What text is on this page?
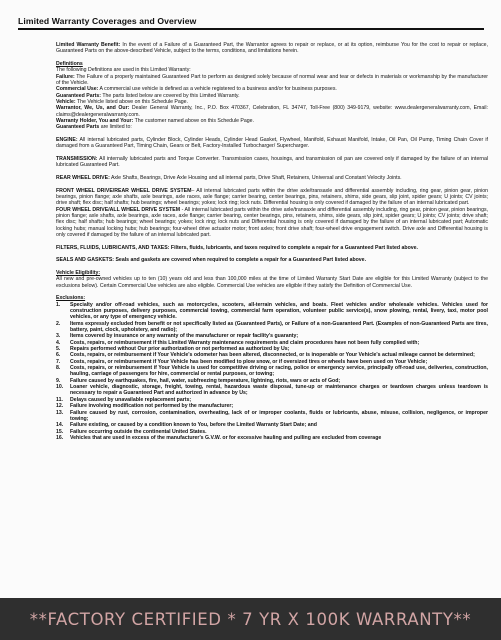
Limited Warranty Coverages and Overview

Limited Warranty Benefit: In the event of a Failure of a Guaranteed Part, the Warrantor agrees to repair or replace, or at its option, reimburse You for the cost to repair or replace, Guaranteed Parts on the above-described Vehicle, subject to the terms, conditions, and limitations herein.

Definitions
The following Definitions are used in this Limited Warranty:
Failure: The Failure of a properly maintained Guaranteed Part to perform as designed solely because of normal wear and tear or defects in materials or workmanship by the manufacturer of the Vehicle.
Commercial Use: A commercial use vehicle is defined as a vehicle registered to a business and/or for business purposes.
Guaranteed Parts: The parts listed below are covered by this Limited Warranty.
Vehicle: The Vehicle listed above on this Schedule Page.
Warrantor, We, Us, and Our: Dealer General Warranty, Inc., P.O. Box 470367, Celebration, FL 34747, Toll-Free (800) 349-9179, website: www.dealergeneralwarranty.com, Email: claims@dealergeneralwarranty.com.
Warranty Holder, You and Your: The customer named above on this Schedule Page.

Guaranteed Parts are limited to:

ENGINE: All internal lubricated parts, Cylinder Block, Cylinder Heads, Cylinder Head Gasket, Flywheel, Manifold, Exhaust Manifold, Intake, Oil Pan, Oil Pump, Timing Chain Cover if damaged from a Guaranteed Part, Timing Chain, Gears or Belt, Factory-Installed Turbocharger/ Supercharger.

TRANSMISSION: All internally lubricated parts and Torque Converter. Transmission cases, housings, and transmission oil pan are covered only if damaged by the failure of an internal lubricated Guaranteed Part.

REAR WHEEL DRIVE: Axle Shafts, Bearings, Drive Axle Housing and all internal parts, Drive Shaft, Retainers, Universal and Constant Velocity Joints.

FRONT WHEEL DRIVE/REAR WHEEL DRIVE SYSTEM– All internal lubricated parts within the drive axle/transaxle and differential assembly including, ring gear, pinion gear, pinion bearings, pinion flange; axle shafts, axle bearings, axle races, axle flange; carrier bearing, center bearings, pins, retainers, shims, side gears, slip joint, spider gears; U joints; CV joints; drive shaft; flex disc; half shafts; hub bearings; wheel bearings; yokes; lock ring; lock nuts. Differential housing is only covered if damaged by the failure of an internal lubricated part.

FOUR WHEEL DRIVE/ALL WHEEL DRIVE SYSTEM - All internal lubricated parts within the drive axle/transaxle and differential assembly including, ring gear, pinion gear, pinion bearings, pinion flange; axle shafts, axle bearings, axle races, axle flange; carrier bearing, center bearings, pins, retainers, shims, side gears, slip joint, spider gears; U joints; CV joints; drive shaft; flex disc; half shafts; hub bearings; wheel bearings; yokes; lock ring; lock nuts and Differential housing is only covered if damaged by the failure of an internal lubricated part; Automatic locking hubs; manual locking hubs; hub bearings; four-wheel drive actuator motor; front axles; front drive shaft; four-wheel drive engagement switch. Drive axle and Differential housing is only covered if damaged by the failure of an internal lubricated part.

FILTERS, FLUIDS, LUBRICANTS, AND TAXES: Filters, fluids, lubricants, and taxes required to complete a repair for a Guaranteed Part listed above.

SEALS AND GASKETS: Seals and gaskets are covered when required to complete a repair for a Guaranteed Part listed above.

Vehicle Eligibility:
All new and pre-owned vehicles up to ten (10) years old and less than 100,000 miles at the time of Limited Warranty Start Date are eligible for this Limited Warranty (subject to the exclusions below). Certain Commercial Use vehicles are also eligible. Commercial Use vehicles are eligible if they satisfy the Definition of Commercial Use.

Exclusions:
1.	Specialty and/or off-road vehicles, such as motorcycles, scooters, all-terrain vehicles, and boats. Fleet vehicles and/or wholesale vehicles. Vehicles used for construction purposes, delivery purposes, commercial towing, commercial farm operation, volunteer public service(s), snow plowing, rental, livery, taxi, motor pool vehicles, or any type of emergency vehicle.
2.	Items expressly excluded from benefit or not specifically listed as (Guaranteed Parts), or Failure of a non-Guaranteed Part. (Examples of non-Guaranteed Parts are tires, battery, paint, clock, upholstery, and radio);
3.	Items covered by insurance or any warranty of the manufacturer or repair facility's guaranty;
4.	Costs, repairs, or reimbursement if this Limited Warranty maintenance requirements and claim procedures have not been fully complied with;
5.	Repairs performed without Our prior authorization or not performed as authorized by Us;
6.	Costs, repairs, or reimbursement if Your Vehicle's odometer has been altered, disconnected, or is inoperable or Your Vehicle's actual mileage cannot be determined;
7.	Costs, repairs, or reimbursement if Your Vehicle has been modified to plow snow, or if oversized tires or wheels have been used on Your Vehicle;
8.	Costs, repairs, or reimbursement if Your Vehicle is used for competitive driving or racing, police or emergency service, principally off-road use, deliveries, construction, hauling, carriage of passengers for hire, commercial or rental purposes, or towing;
9.	Failure caused by earthquakes, fire, hail, water, subfreezing temperature, lightning, riots, wars or acts of God;
10.	Loaner vehicle, diagnostic, storage, freight, towing, rental, hazardous waste disposal, tune-up or maintenance charges or teardown charges unless teardown is necessary to repair a Guaranteed Part and authorized in advance by Us;
11.	Delays caused by unavailable replacement parts;
12.	Failure involving modification not performed by the manufacturer;
13.	Failure caused by rust, corrosion, contamination, overheating, lack of or improper coolants, fluids or lubricants, abuse, misuse, collision, negligence, or improper towing;
14.	Failure existing, or caused by a condition known to You, before the Limited Warranty Start Date; and
15.	Failure occurring outside the continental United States.
16.	Vehicles that are used in excess of the manufacturer's G.V.W. or for excessive hauling and pulling are excluded from coverage
**FACTORY CERTIFIED * 7 YR X 100K WARRANTY**
